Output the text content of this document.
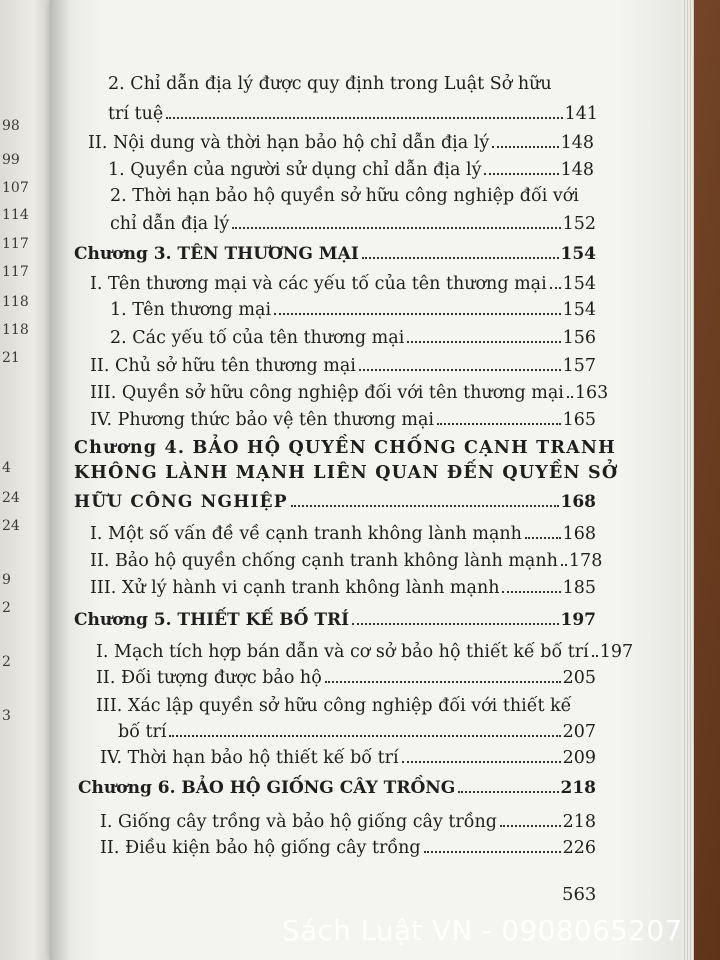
98
99
107
114
117
117
118
118
21
4
24
24
9
2
2
3
2. Chỉ dẫn địa lý được quy định trong Luật Sở hữu
trí tuệ	141
II. Nội dung và thời hạn bảo hộ chỉ dẫn địa lý	148
1. Quyền của người sử dụng chỉ dẫn địa lý	148
2. Thời hạn bảo hộ quyền sở hữu công nghiệp đối với
chỉ dẫn địa lý	152
Chương 3. TÊN THƯƠNG MẠI	154
I. Tên thương mại và các yếu tố của tên thương mại 154
1. Tên thương mại	154
2. Các yếu tố của tên thương mại	156
II. Chủ sở hữu tên thương mại	157
III. Quyền sở hữu công nghiệp đối với tên thương mại 163
IV. Phương thức bảo vệ tên thương mại	165
Chương 4. BẢO HỘ QUYỀN CHỐNG CẠNH TRANH
KHÔNG LÀNH MẠNH LIÊN QUAN ĐẾN QUYỀN SỞ
HỮU CÔNG NGHIỆP	168
I. Một số vấn đề về cạnh tranh không lành mạnh 168
II. Bảo hộ quyền chống cạnh tranh không lành mạnh 178
III. Xử lý hành vi cạnh tranh không lành mạnh	185
Chương 5. THIẾT KẾ BỐ TRÍ	197
I. Mạch tích hợp bán dẫn và cơ sở bảo hộ thiết kế bố trí 197
II. Đối tượng được bảo hộ	205
III. Xác lập quyền sở hữu công nghiệp đối với thiết kế
bố trí	207
IV. Thời hạn bảo hộ thiết kế bố trí	209
Chương 6. BẢO HỘ GIỐNG CÂY TRỒNG	218
I. Giống cây trồng và bảo hộ giống cây trồng	218
II. Điều kiện bảo hộ giống cây trồng	226
563
Sách Luật VN - 0908065207
